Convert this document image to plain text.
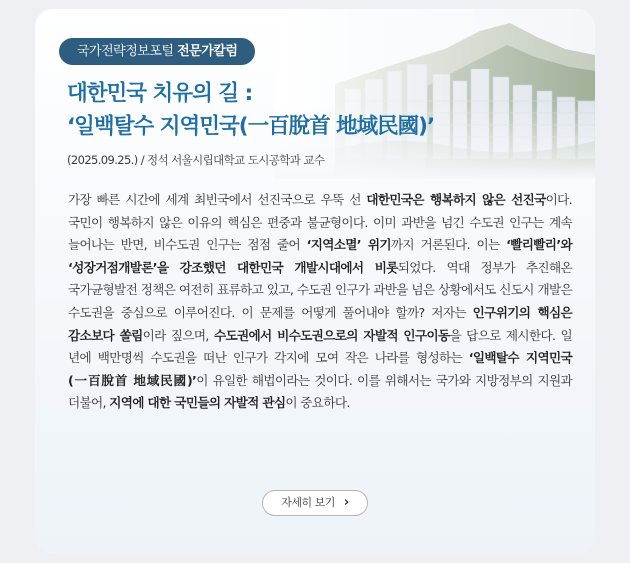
국가전략정보포털 전문가칼럼
대한민국 치유의 길 :
‘일백탈수 지역민국(一百脫首 地域民國)’
(2025.09.25.) / 정석 서울시립대학교 도시공학과 교수

가장 빠른 시간에 세계 최빈국에서 선진국으로 우뚝 선 대한민국은 행복하지 않은 선진국이다. 국민이 행복하지 않은 이유의 핵심은 편중과 불균형이다. 이미 과반을 넘긴 수도권 인구는 계속 늘어나는 반면, 비수도권 인구는 점점 줄어 ‘지역소멸’ 위기까지 거론된다. 이는 ‘빨리빨리’와 ‘성장거점개발론’을 강조했던 대한민국 개발시대에서 비롯되었다. 역대 정부가 추진해온 국가균형발전 정책은 여전히 표류하고 있고, 수도권 인구가 과반을 넘은 상황에서도 신도시 개발은 수도권을 중심으로 이루어진다. 이 문제를 어떻게 풀어내야 할까? 저자는 인구위기의 핵심은 감소보다 쏠림이라 짚으며, 수도권에서 비수도권으로의 자발적 인구이동을 답으로 제시한다. 일 년에 백만명씩 수도권을 떠난 인구가 각지에 모여 작은 나라를 형성하는 ‘일백탈수 지역민국(一百脫首 地域民國)’이 유일한 해법이라는 것이다. 이를 위해서는 국가와 지방정부의 지원과 더불어, 지역에 대한 국민들의 자발적 관심이 중요하다.

자세히 보기 ›
